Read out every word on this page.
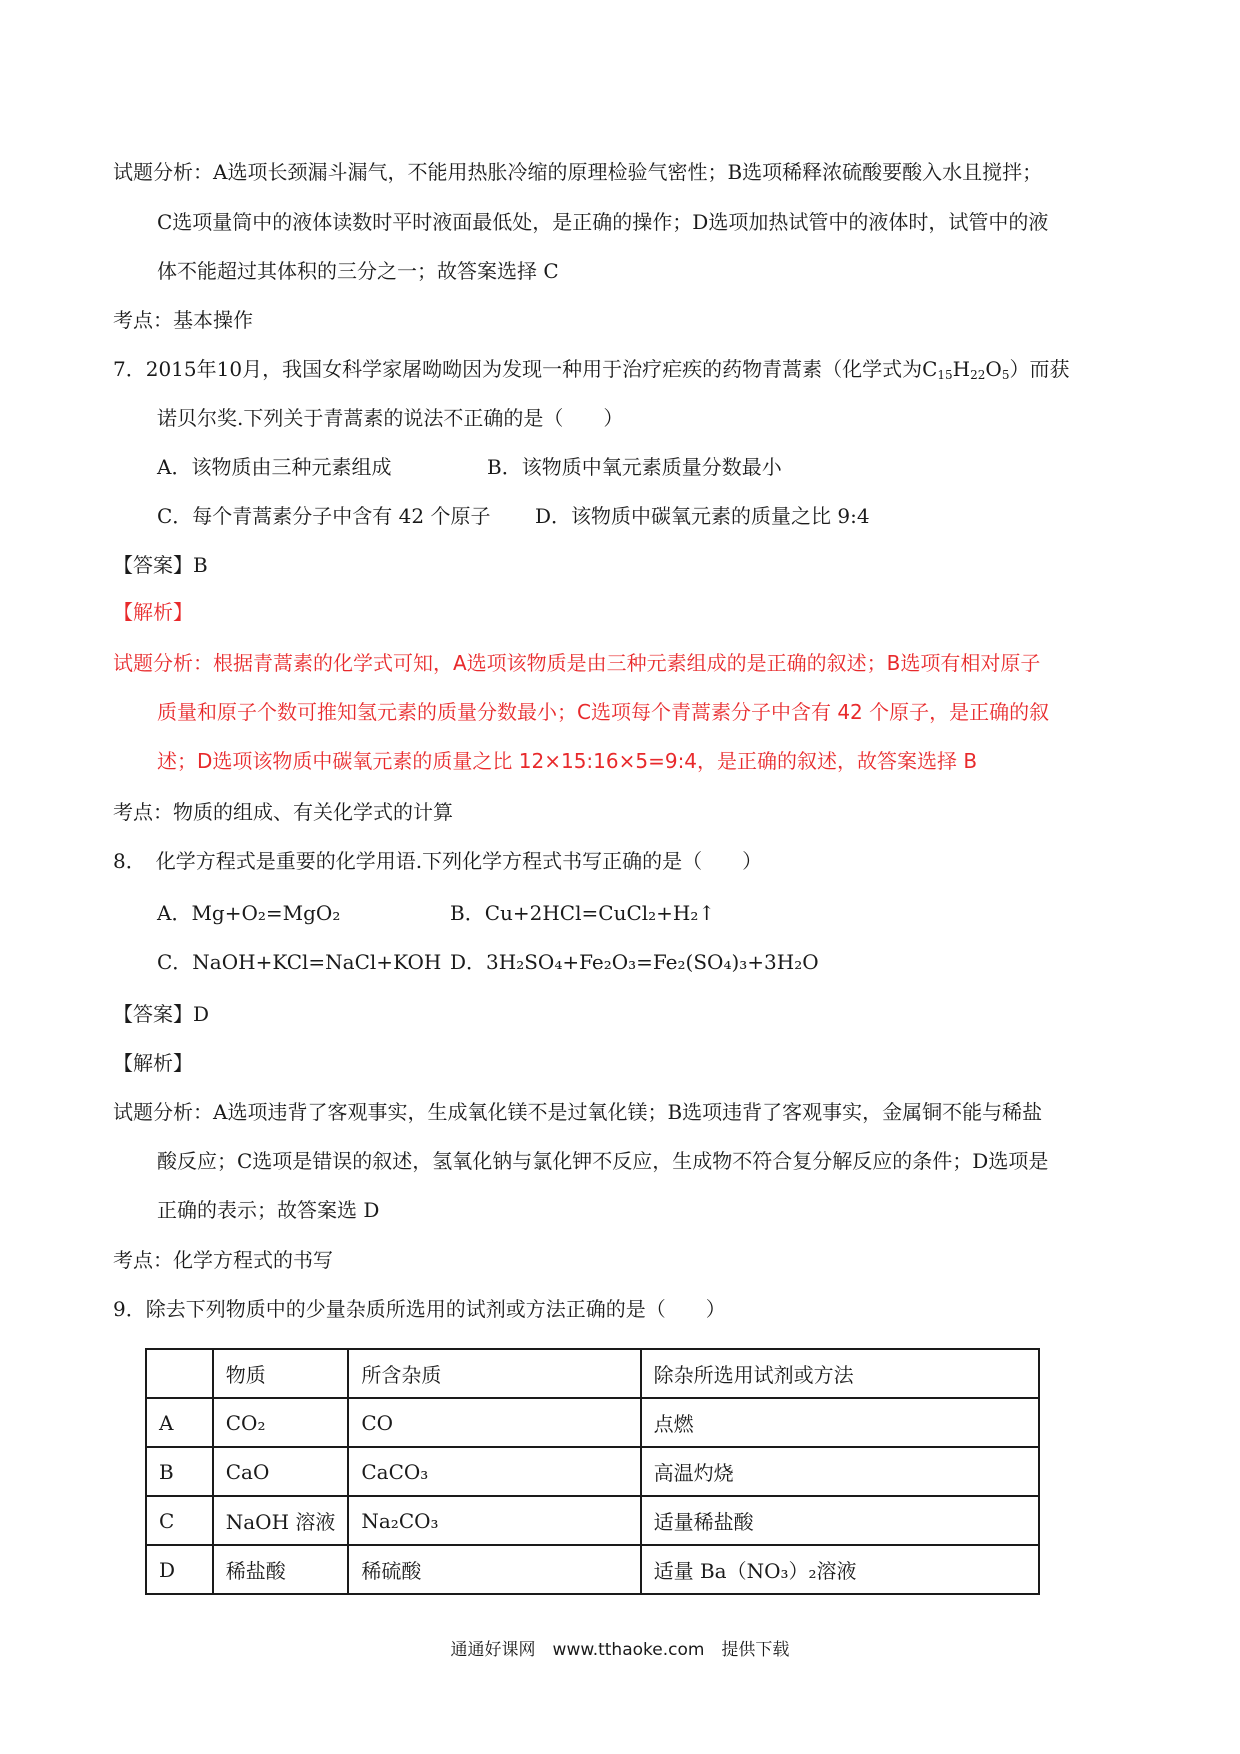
试题分析：A选项长颈漏斗漏气，不能用热胀冷缩的原理检验气密性；B选项稀释浓硫酸要酸入水且搅拌；
C选项量筒中的液体读数时平时液面最低处，是正确的操作；D选项加热试管中的液体时，试管中的液
体不能超过其体积的三分之一；故答案选择 C
考点：基本操作
7．2015年10月，我国女科学家屠呦呦因为发现一种用于治疗疟疾的药物青蒿素（化学式为$C_{15}H_{22}O_5$）而获
诺贝尔奖.下列关于青蒿素的说法不正确的是（　　）
A．该物质由三种元素组成	B．该物质中氧元素质量分数最小
C．每个青蒿素分子中含有 42 个原子 D．该物质中碳氧元素的质量之比 9:4
【答案】B
【解析】
试题分析：根据青蒿素的化学式可知，A选项该物质是由三种元素组成的是正确的叙述；B选项有相对原子
质量和原子个数可推知氢元素的质量分数最小；C选项每个青蒿素分子中含有 42 个原子，是正确的叙
述；D选项该物质中碳氧元素的质量之比 12×15:16×5=9:4，是正确的叙述，故答案选择 B
考点：物质的组成、有关化学式的计算
8．　化学方程式是重要的化学用语.下列化学方程式书写正确的是（　　）
A．Mg+O₂=MgO₂	B．Cu+2HCl=CuCl₂+H₂↑
C．NaOH+KCl=NaCl+KOH D．3H₂SO₄+Fe₂O₃=Fe₂(SO₄)₃+3H₂O
【答案】D
【解析】
试题分析：A选项违背了客观事实，生成氧化镁不是过氧化镁；B选项违背了客观事实，金属铜不能与稀盐
酸反应；C选项是错误的叙述，氢氧化钠与氯化钾不反应，生成物不符合复分解反应的条件；D选项是
正确的表示；故答案选 D
考点：化学方程式的书写
9．除去下列物质中的少量杂质所选用的试剂或方法正确的是（　　）
	物质	所含杂质	除杂所选用试剂或方法
A	CO₂	CO	点燃
B	CaO	CaCO₃	高温灼烧
C	NaOH 溶液	Na₂CO₃	适量稀盐酸
D	稀盐酸	稀硫酸	适量 Ba（NO₃）₂溶液
通通好课网　www.tthaoke.com　提供下载
